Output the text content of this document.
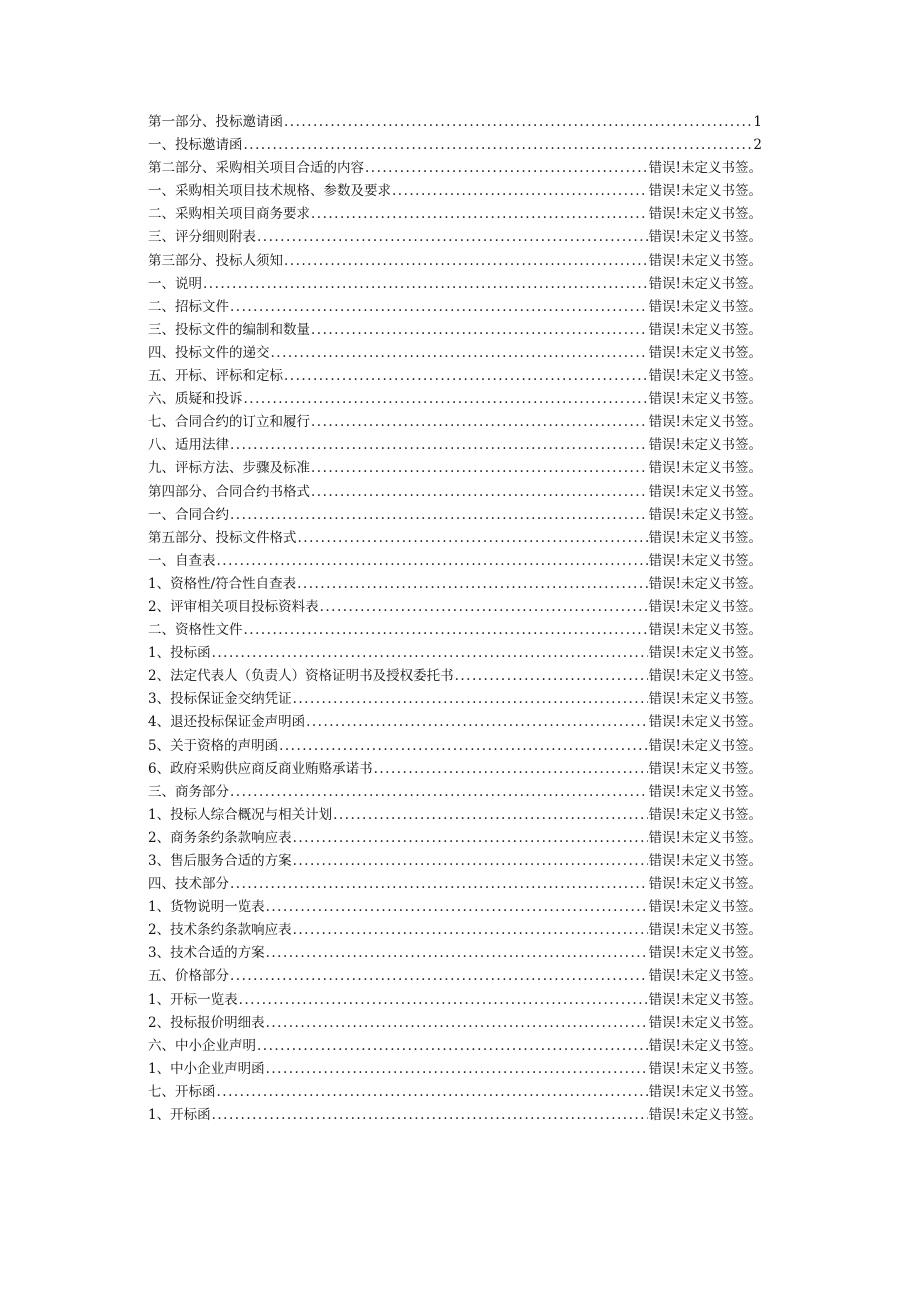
第一部分、投标邀请函 .....	1
一、投标邀请函 .....	2
第二部分、采购相关项目合适的内容 .....	错误!未定义书签。
一、采购相关项目技术规格、参数及要求 .....	错误!未定义书签。
二、采购相关项目商务要求 .....	错误!未定义书签。
三、评分细则附表 .....	错误!未定义书签。
第三部分、投标人须知 .....	错误!未定义书签。
一、说明 .....	错误!未定义书签。
二、招标文件 .....	错误!未定义书签。
三、投标文件的编制和数量 .....	错误!未定义书签。
四、投标文件的递交 .....	错误!未定义书签。
五、开标、评标和定标 .....	错误!未定义书签。
六、质疑和投诉 .....	错误!未定义书签。
七、合同合约的订立和履行 .....	错误!未定义书签。
八、适用法律 .....	错误!未定义书签。
九、评标方法、步骤及标准 .....	错误!未定义书签。
第四部分、合同合约书格式 .....	错误!未定义书签。
一、合同合约 .....	错误!未定义书签。
第五部分、投标文件格式 .....	错误!未定义书签。
一、自查表 .....	错误!未定义书签。
1、资格性/符合性自查表 .....	错误!未定义书签。
2、评审相关项目投标资料表 .....	错误!未定义书签。
二、资格性文件 .....	错误!未定义书签。
1、投标函 .....	错误!未定义书签。
2、法定代表人（负责人）资格证明书及授权委托书 .....	错误!未定义书签。
3、投标保证金交纳凭证 .....	错误!未定义书签。
4、退还投标保证金声明函 .....	错误!未定义书签。
5、关于资格的声明函 .....	错误!未定义书签。
6、政府采购供应商反商业贿赂承诺书 .....	错误!未定义书签。
三、商务部分 .....	错误!未定义书签。
1、投标人综合概况与相关计划 .....	错误!未定义书签。
2、商务条约条款响应表 .....	错误!未定义书签。
3、售后服务合适的方案 .....	错误!未定义书签。
四、技术部分 .....	错误!未定义书签。
1、货物说明一览表 .....	错误!未定义书签。
2、技术条约条款响应表 .....	错误!未定义书签。
3、技术合适的方案 .....	错误!未定义书签。
五、价格部分 .....	错误!未定义书签。
1、开标一览表 .....	错误!未定义书签。
2、投标报价明细表 .....	错误!未定义书签。
六、中小企业声明 .....	错误!未定义书签。
1、中小企业声明函 .....	错误!未定义书签。
七、开标函 .....	错误!未定义书签。
1、开标函 .....	错误!未定义书签。
